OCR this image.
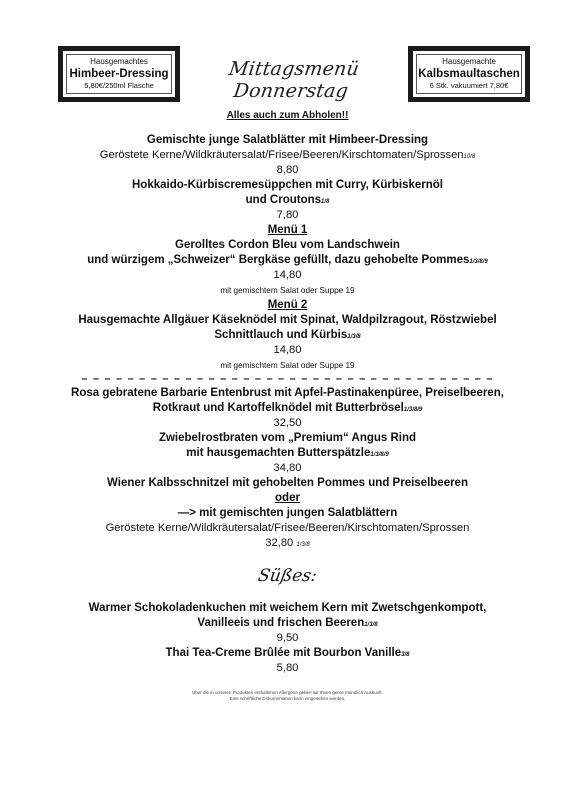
Hausgemachtes
Himbeer-Dressing
5,80€/250ml Flasche
Mittagsmenü Donnerstag
Hausgemachte
Kalbsmaultaschen
6 Stk. vakuumiert 7,80€
Alles auch zum Abholen!!
Gemischte junge Salatblätter mit Himbeer-Dressing
Geröstete Kerne/Wildkräutersalat/Frisee/Beeren/Kirschtomaten/Sprossen10/8
8,80
Hokkaido-Kürbiscremesüppchen mit Curry, Kürbiskernöl
und Croutons1/8
7,80
Menü 1
Gerolltes Cordon Bleu vom Landschwein
und würzigem „Schweizer“ Bergkäse gefüllt, dazu gehobelte Pommes1/3/8/9
14,80
mit gemischtem Salat oder Suppe 19
Menü 2
Hausgemachte Allgäuer Käseknödel mit Spinat, Waldpilzragout, Röstzwiebel
Schnittlauch und Kürbis1/3/8
14,80
mit gemischtem Salat oder Suppe 19
– – – – – – – – – – – – – – – – – – – – – – – – – – – – – – – – – – – –
Rosa gebratene Barbarie Entenbrust mit Apfel-Pastinakenpüree, Preiselbeeren,
Rotkraut und Kartoffelknödel mit Butterbrösel1/3/8/9
32,50
Zwiebelrostbraten vom „Premium“ Angus Rind
mit hausgemachten Butterspätzle1/3/8/9
34,80
Wiener Kalbsschnitzel mit gehobelten Pommes und Preiselbeeren
oder
—> mit gemischten jungen Salatblättern
Geröstete Kerne/Wildkräutersalat/Frisee/Beeren/Kirschtomaten/Sprossen
32,80 1/3/8
Süßes:
Warmer Schokoladenkuchen mit weichem Kern mit Zwetschgenkompott,
Vanilleeis und frischen Beeren1/3/8
9,50
Thai Tea-Creme Brûlée mit Bourbon Vanille3/8
5,80
Über die in unseren Produkten enthaltenen Allergene geben wir Ihnen gerne mündlich Auskunft.
Eine schriftliche Dokumentation kann eingesehen werden.
